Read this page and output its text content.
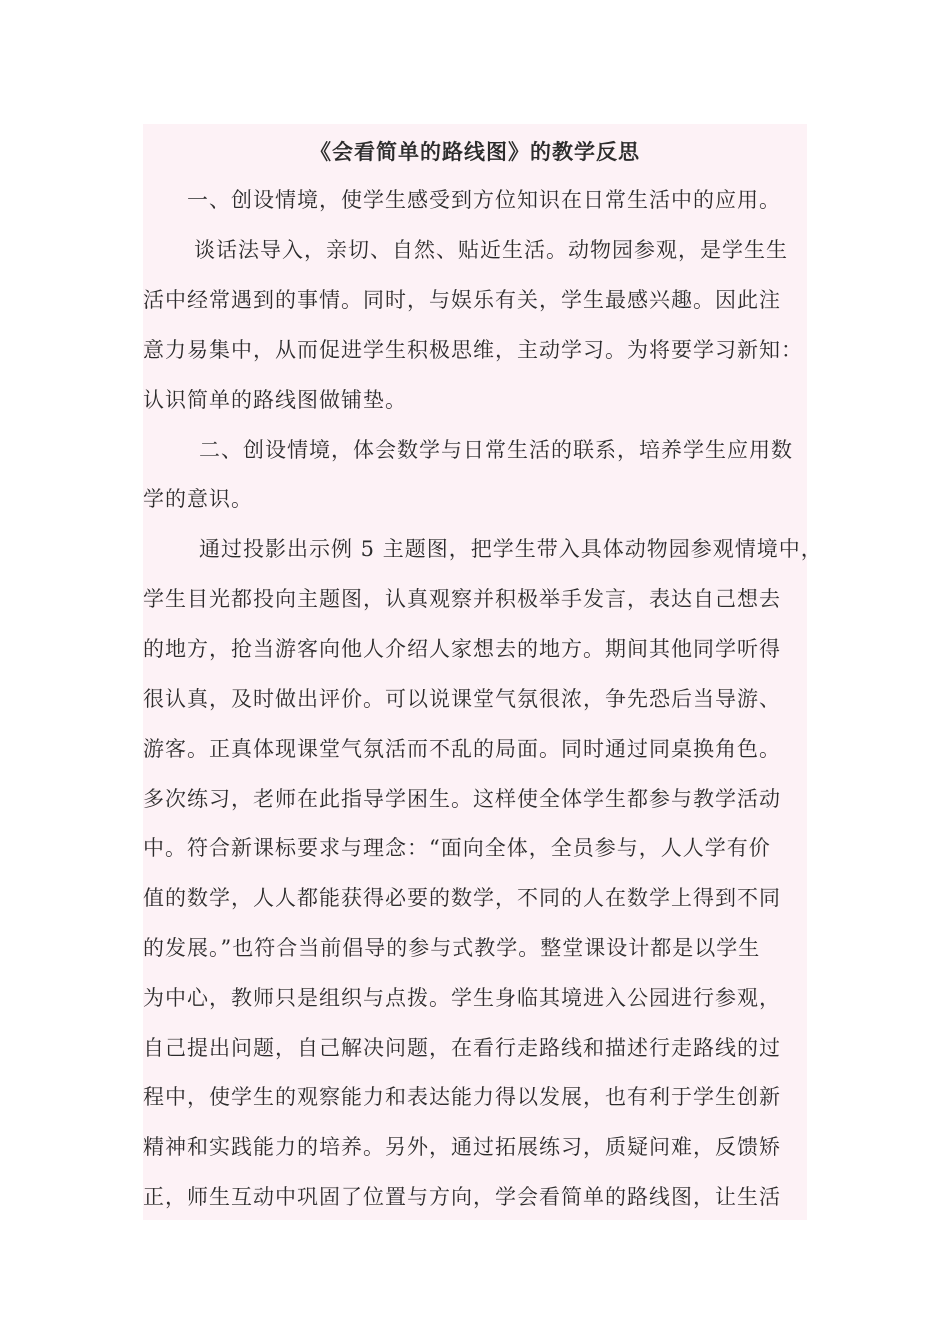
《会看简单的路线图》的教学反思
一、创设情境，使学生感受到方位知识在日常生活中的应用。
谈话法导入，亲切、自然、贴近生活。动物园参观，是学生生
活中经常遇到的事情。同时，与娱乐有关，学生最感兴趣。因此注
意力易集中，从而促进学生积极思维，主动学习。为将要学习新知：
认识简单的路线图做铺垫。
二、创设情境，体会数学与日常生活的联系，培养学生应用数
学的意识。
通过投影出示例 5 主题图，把学生带入具体动物园参观情境中，
学生目光都投向主题图，认真观察并积极举手发言，表达自己想去
的地方，抢当游客向他人介绍人家想去的地方。期间其他同学听得
很认真，及时做出评价。可以说课堂气氛很浓，争先恐后当导游、
游客。正真体现课堂气氛活而不乱的局面。同时通过同桌换角色。
多次练习，老师在此指导学困生。这样使全体学生都参与教学活动
中。符合新课标要求与理念：“面向全体，全员参与，人人学有价
值的数学，人人都能获得必要的数学，不同的人在数学上得到不同
的发展。”也符合当前倡导的参与式教学。整堂课设计都是以学生
为中心，教师只是组织与点拨。学生身临其境进入公园进行参观，
自己提出问题，自己解决问题，在看行走路线和描述行走路线的过
程中，使学生的观察能力和表达能力得以发展，也有利于学生创新
精神和实践能力的培养。另外，通过拓展练习，质疑问难，反馈矫
正，师生互动中巩固了位置与方向，学会看简单的路线图，让生活
